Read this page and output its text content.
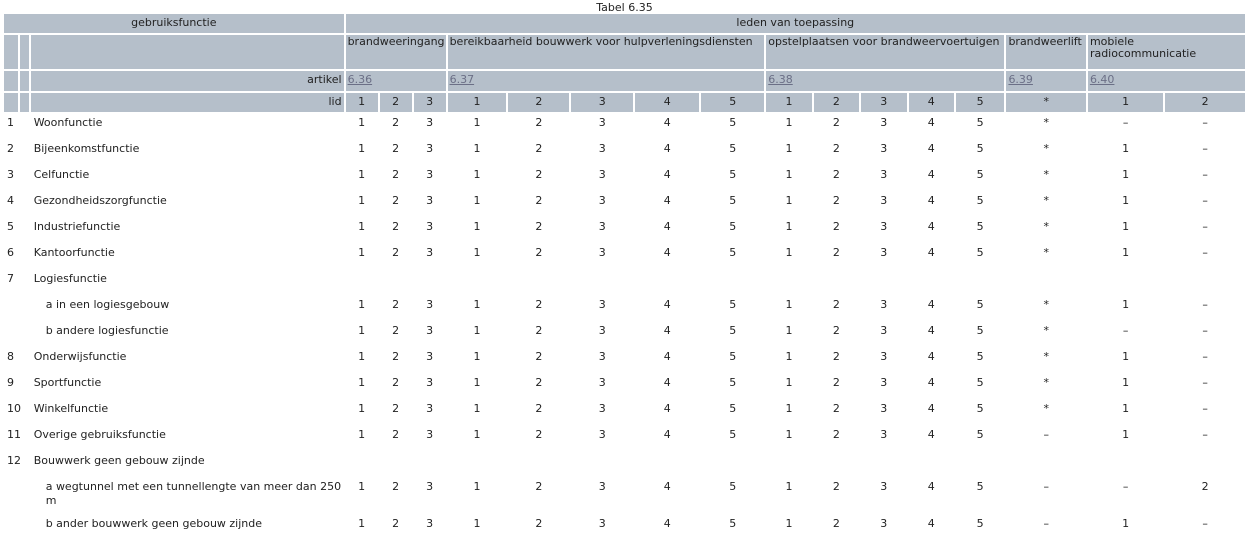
Tabel 6.35
gebruiksfunctie			leden van toepassing															
			brandweeringang			bereikbaarheid bouwwerk voor hulpverleningsdiensten					opstelplaatsen voor brandweervoertuigen					brandweerlift	mobiele radiocommunicatie	
		artikel	6.36			6.37					6.38					6.39	6.40	
		lid	1	2	3	1	2	3	4	5	1	2	3	4	5	*	1	2
1		Woonfunctie	1	2	3	1	2	3	4	5	1	2	3	4	5	*	–	–
2		Bijeenkomstfunctie	1	2	3	1	2	3	4	5	1	2	3	4	5	*	1	–
3		Celfunctie	1	2	3	1	2	3	4	5	1	2	3	4	5	*	1	–
4		Gezondheidszorgfunctie	1	2	3	1	2	3	4	5	1	2	3	4	5	*	1	–
5		Industriefunctie	1	2	3	1	2	3	4	5	1	2	3	4	5	*	1	–
6		Kantoorfunctie	1	2	3	1	2	3	4	5	1	2	3	4	5	*	1	–
7		Logiesfunctie																
		a in een logiesgebouw	1	2	3	1	2	3	4	5	1	2	3	4	5	*	1	–
		b andere logiesfunctie	1	2	3	1	2	3	4	5	1	2	3	4	5	*	–	–
8		Onderwijsfunctie	1	2	3	1	2	3	4	5	1	2	3	4	5	*	1	–
9		Sportfunctie	1	2	3	1	2	3	4	5	1	2	3	4	5	*	1	–
10		Winkelfunctie	1	2	3	1	2	3	4	5	1	2	3	4	5	*	1	–
11		Overige gebruiksfunctie	1	2	3	1	2	3	4	5	1	2	3	4	5	–	1	–
12		Bouwwerk geen gebouw zijnde																
		a wegtunnel met een tunnellengte van meer dan 250 m	1	2	3	1	2	3	4	5	1	2	3	4	5	–	–	2
		b ander bouwwerk geen gebouw zijnde	1	2	3	1	2	3	4	5	1	2	3	4	5	–	1	–
